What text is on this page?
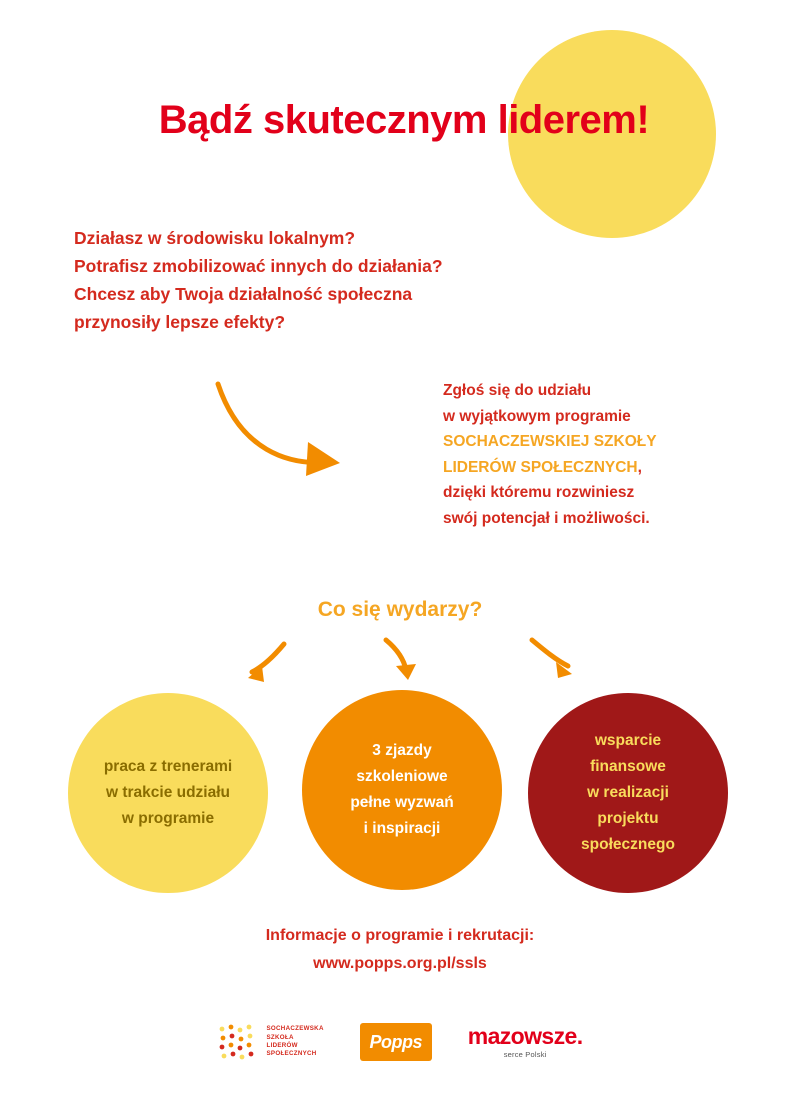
Bądź skutecznym liderem!
Działasz w środowisku lokalnym?
Potrafisz zmobilizować innych do działania?
Chcesz aby Twoja działalność społeczna
przynosiły lepsze efekty?
Zgłoś się do udziału
w wyjątkowym programie
SOCHACZEWSKIEJ SZKOŁY
LIDERÓW SPOŁECZNYCH,
dzięki któremu rozwiniesz
swój potencjał i możliwości.
Co się wydarzy?
praca z trenerami
w trakcie udziału
w programie
3 zjazdy
szkoleniowe
pełne wyzwań
i inspiracji
wsparcie
finansowe
w realizacji
projektu
społecznego
Informacje o programie i rekrutacji:
www.popps.org.pl/ssls
SOCHACZEWSKA
SZKOŁA
LIDERÓW
SPOŁECZNYCH
Popps	mazowsze.
serce Polski
